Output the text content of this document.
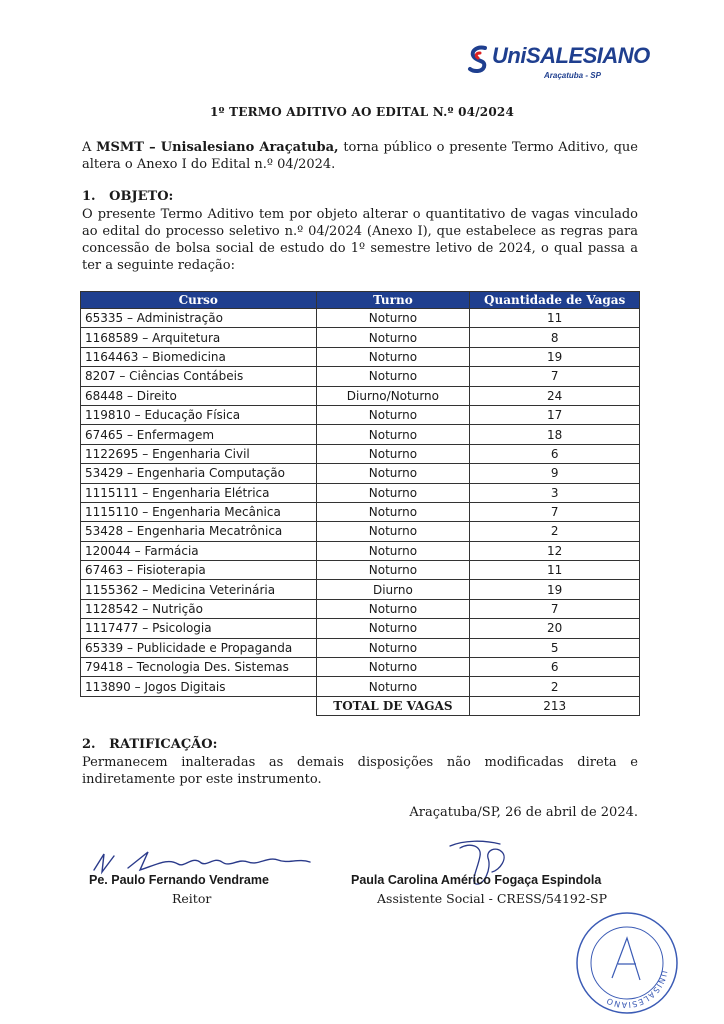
UniSALESIANO
Araçatuba - SP
1º TERMO ADITIVO AO EDITAL N.º 04/2024
A MSMT – Unisalesiano Araçatuba, torna público o presente Termo Aditivo, que altera o Anexo I do Edital n.º 04/2024.
1.   OBJETO:
O presente Termo Aditivo tem por objeto alterar o quantitativo de vagas vinculado ao edital do processo seletivo n.º 04/2024 (Anexo I), que estabelece as regras para concessão de bolsa social de estudo do 1º semestre letivo de 2024, o qual passa a ter a seguinte redação:
Curso	Turno	Quantidade de Vagas
65335 – Administração	Noturno	11
1168589 – Arquitetura	Noturno	8
1164463 – Biomedicina	Noturno	19
8207 – Ciências Contábeis	Noturno	7
68448 – Direito	Diurno/Noturno	24
119810 – Educação Física	Noturno	17
67465 – Enfermagem	Noturno	18
1122695 – Engenharia Civil	Noturno	6
53429 – Engenharia Computação	Noturno	9
1115111 – Engenharia Elétrica	Noturno	3
1115110 – Engenharia Mecânica	Noturno	7
53428 – Engenharia Mecatrônica	Noturno	2
120044 – Farmácia	Noturno	12
67463 – Fisioterapia	Noturno	11
1155362 – Medicina Veterinária	Diurno	19
1128542 – Nutrição	Noturno	7
1117477 – Psicologia	Noturno	20
65339 – Publicidade e Propaganda	Noturno	5
79418 – Tecnologia Des. Sistemas	Noturno	6
113890 – Jogos Digitais	Noturno	2
	TOTAL DE VAGAS	213
2.   RATIFICAÇÃO:
Permanecem inalteradas as demais disposições não modificadas direta e indiretamente por este instrumento.
Araçatuba/SP, 26 de abril de 2024.
Pe. Paulo Fernando Vendrame
Reitor
Paula Carolina Américo Fogaça Espindola
Assistente Social - CRESS/54192-SP
UNISALESIANO
